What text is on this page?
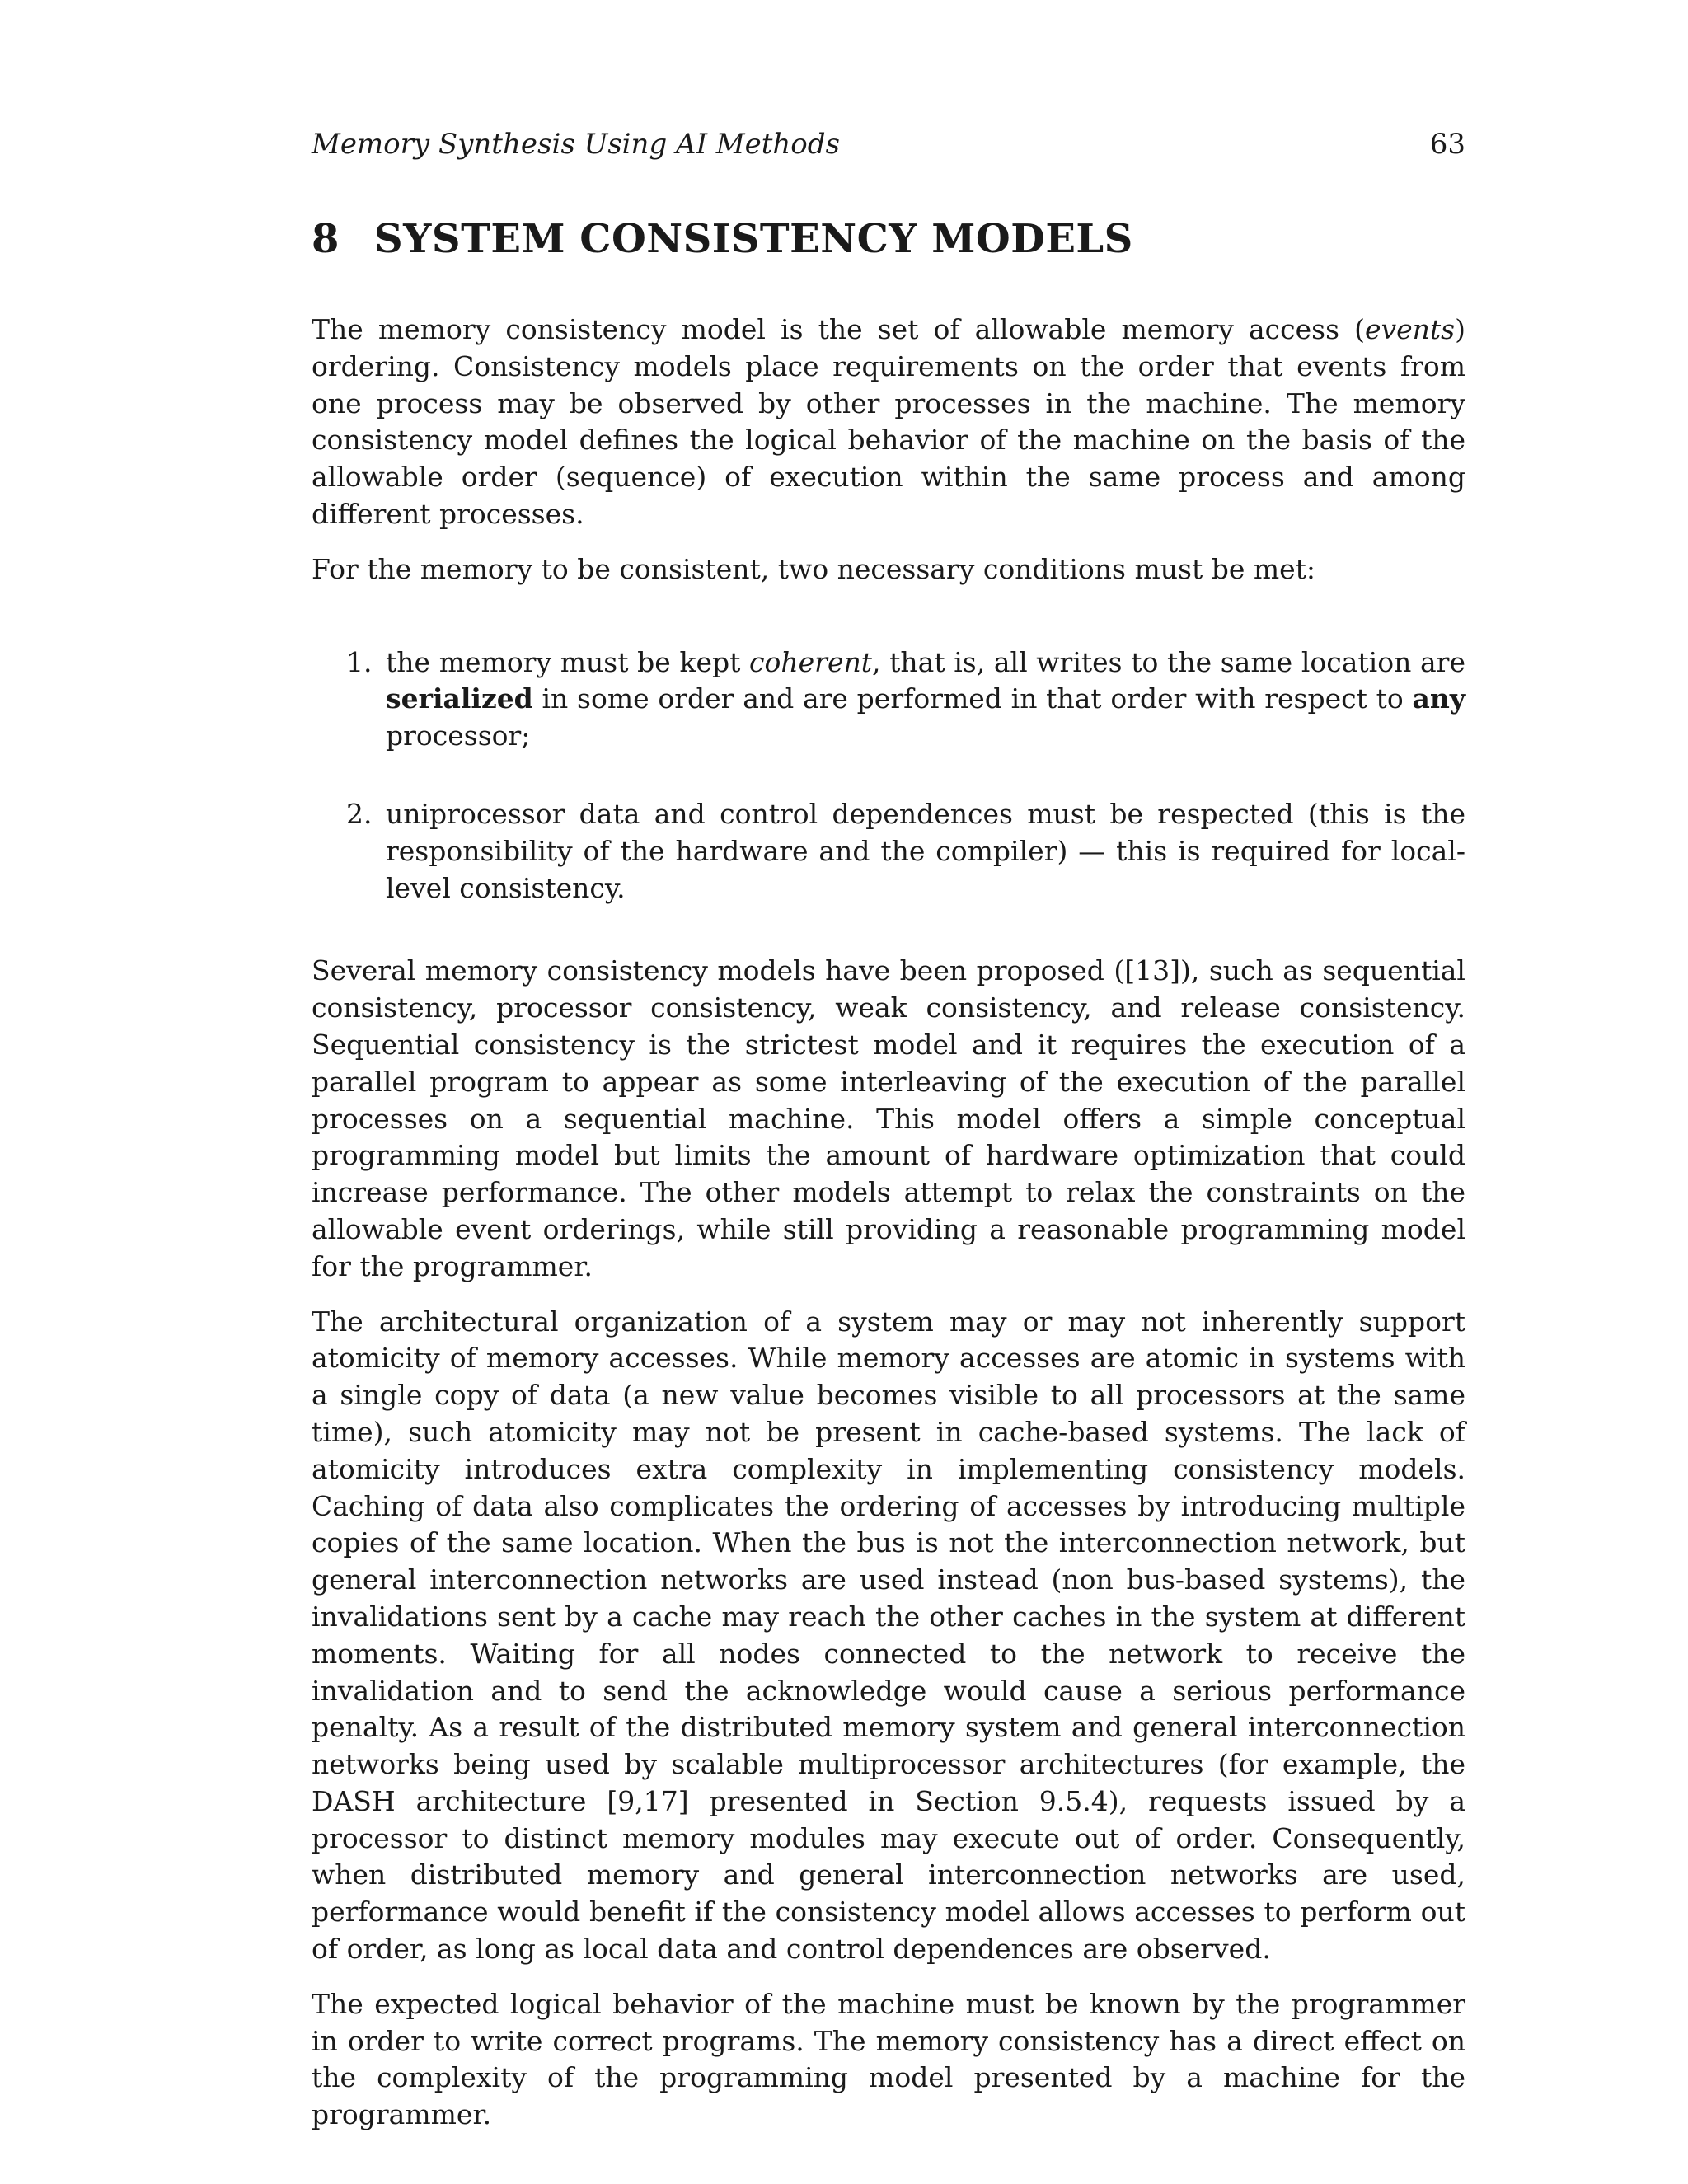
Memory Synthesis Using AI Methods	63
8 SYSTEM CONSISTENCY MODELS

The memory consistency model is the set of allowable memory access (events) ordering. Consistency models place requirements on the order that events from one process may be observed by other processes in the machine. The memory consistency model defines the logical behavior of the machine on the basis of the allowable order (sequence) of execution within the same process and among different processes.

For the memory to be consistent, two necessary conditions must be met:

1. the memory must be kept coherent, that is, all writes to the same location are serialized in some order and are performed in that order with respect to any processor;
2. uniprocessor data and control dependences must be respected (this is the responsibility of the hardware and the compiler) — this is required for local-level consistency.

Several memory consistency models have been proposed ([13]), such as sequential consistency, processor consistency, weak consistency, and release consistency. Sequential consistency is the strictest model and it requires the execution of a parallel program to appear as some interleaving of the execution of the parallel processes on a sequential machine. This model offers a simple conceptual programming model but limits the amount of hardware optimization that could increase performance. The other models attempt to relax the constraints on the allowable event orderings, while still providing a reasonable programming model for the programmer.

The architectural organization of a system may or may not inherently support atomicity of memory accesses. While memory accesses are atomic in systems with a single copy of data (a new value becomes visible to all processors at the same time), such atomicity may not be present in cache-based systems. The lack of atomicity introduces extra complexity in implementing consistency models. Caching of data also complicates the ordering of accesses by introducing multiple copies of the same location. When the bus is not the interconnection network, but general interconnection networks are used instead (non bus-based systems), the invalidations sent by a cache may reach the other caches in the system at different moments. Waiting for all nodes connected to the network to receive the invalidation and to send the acknowledge would cause a serious performance penalty. As a result of the distributed memory system and general interconnection networks being used by scalable multiprocessor architectures (for example, the DASH architecture [9,17] presented in Section 9.5.4), requests issued by a processor to distinct memory modules may execute out of order. Consequently, when distributed memory and general interconnection networks are used, performance would benefit if the consistency model allows accesses to perform out of order, as long as local data and control dependences are observed.

The expected logical behavior of the machine must be known by the programmer in order to write correct programs. The memory consistency has a direct effect on the complexity of the programming model presented by a machine for the programmer.
